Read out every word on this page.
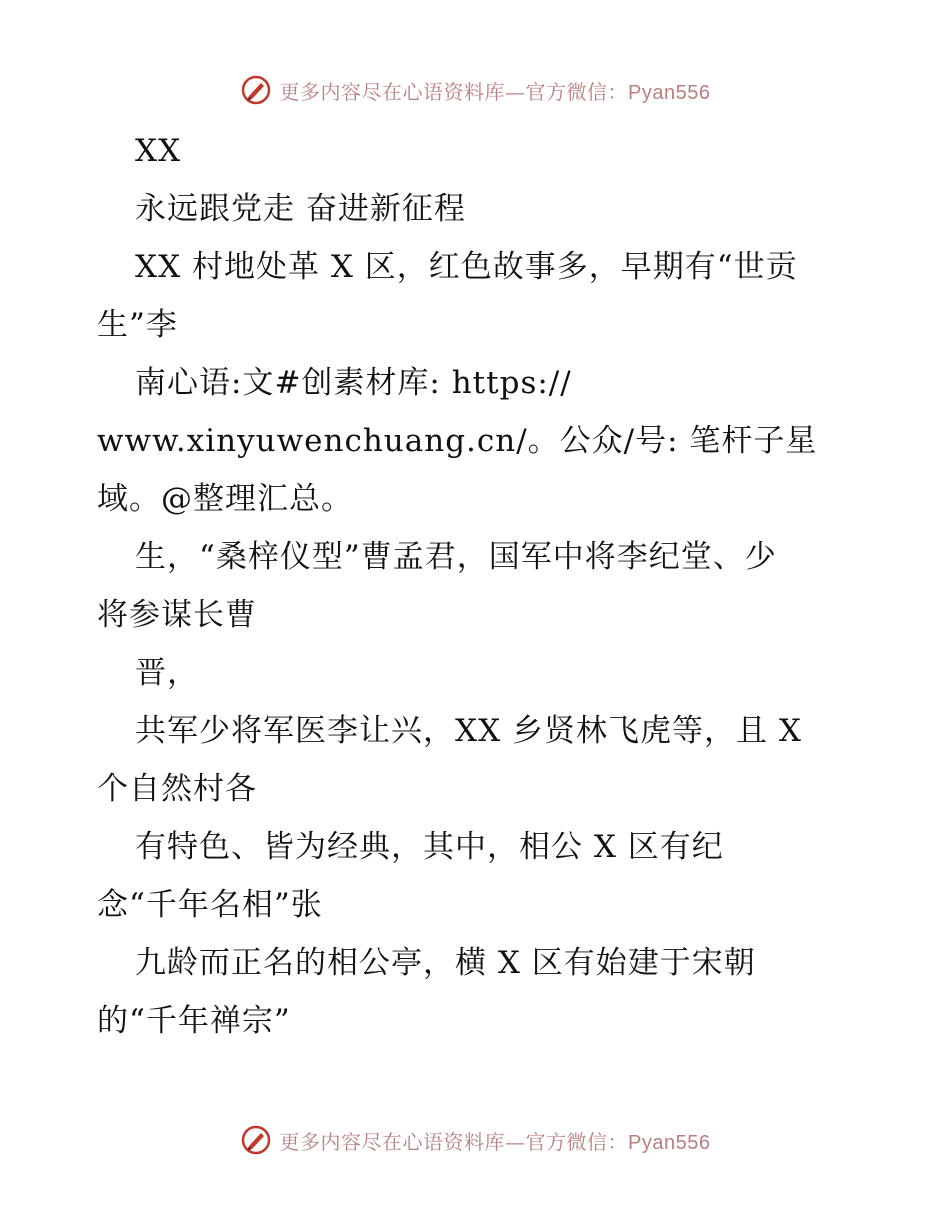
更多内容尽在心语资料库—官方微信：Pyan556
XX
永远跟党走 奋进新征程
XX 村地处革 X 区，红色故事多，早期有“世贡
生”李
南心语:文#创素材库: https://
www.xinyuwenchuang.cn/。公众/号: 笔杆子星
域。@整理汇总。
生，“桑梓仪型”曹孟君，国军中将李纪堂、少
将参谋长曹
晋，
共军少将军医李让兴，XX 乡贤林飞虎等，且 X
个自然村各
有特色、皆为经典，其中，相公 X 区有纪
念“千年名相”张
九龄而正名的相公亭，横 X 区有始建于宋朝
的“千年禅宗”
更多内容尽在心语资料库—官方微信：Pyan556
